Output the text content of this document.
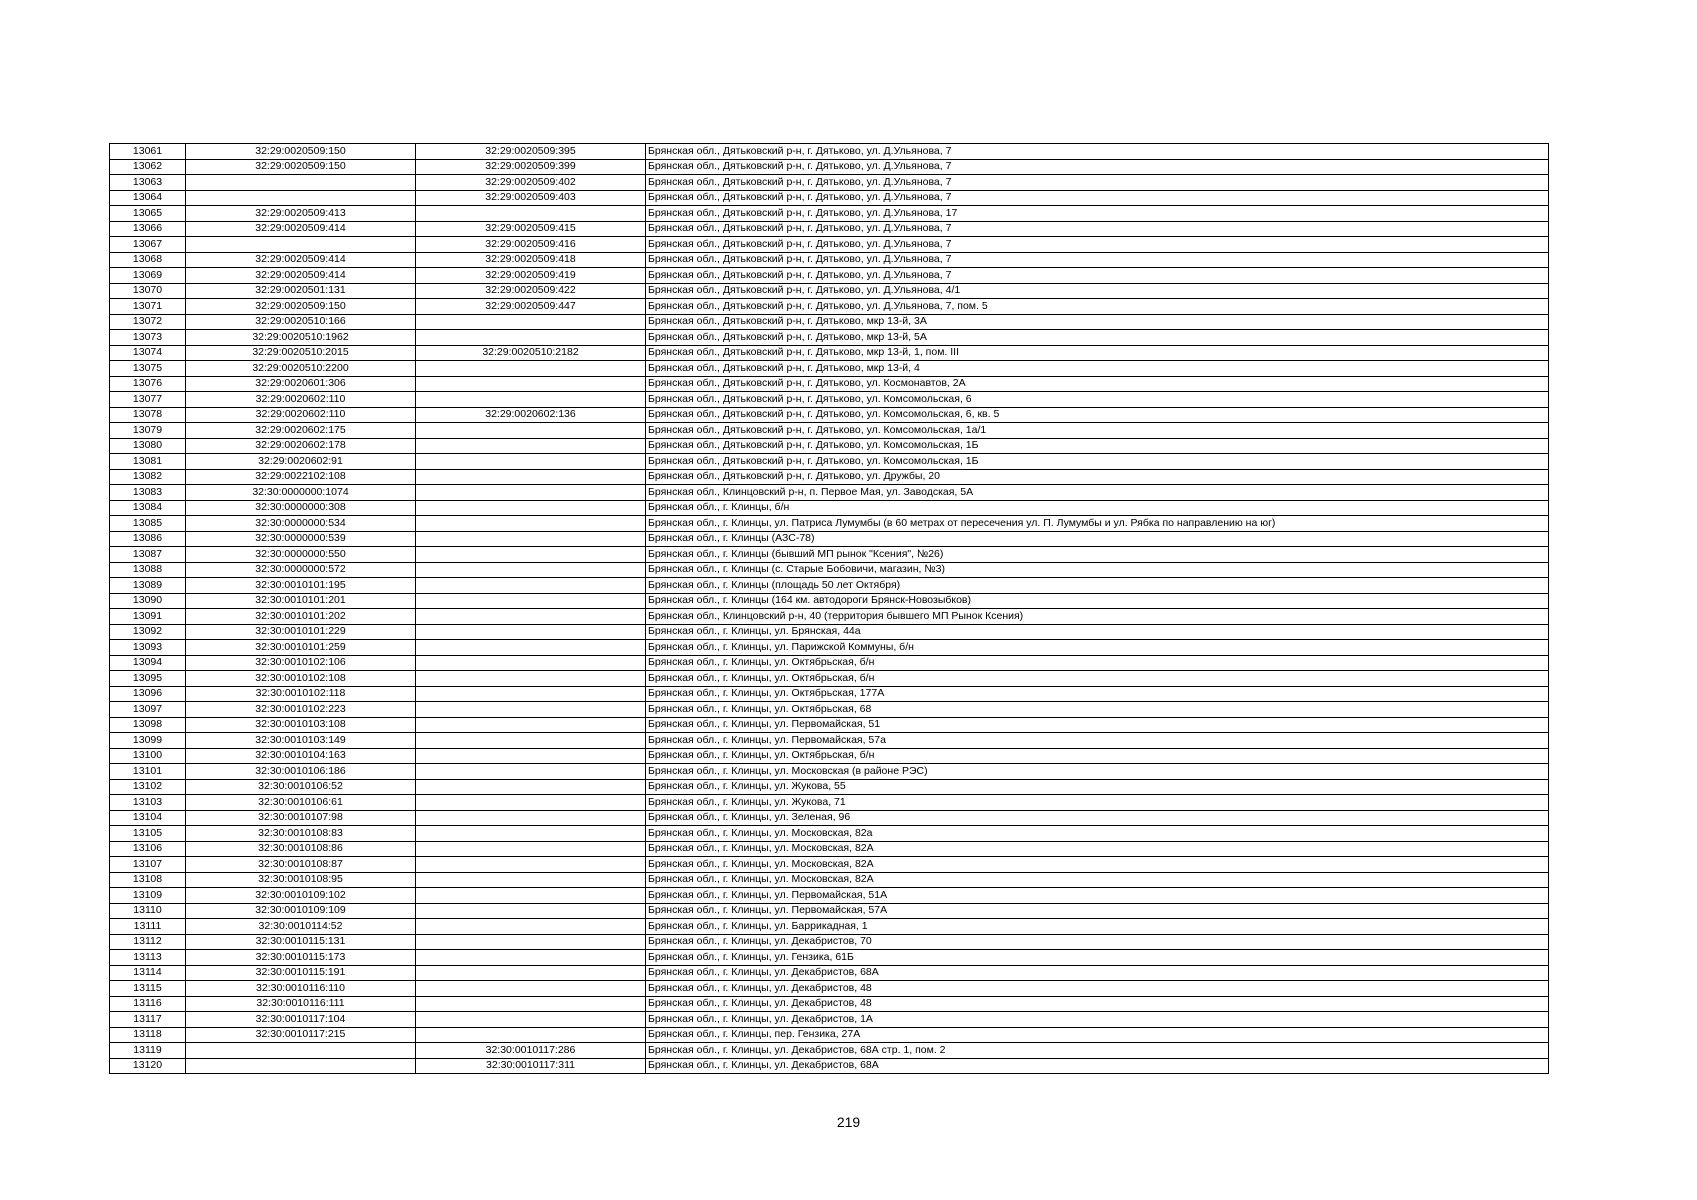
13061	32:29:0020509:150	32:29:0020509:395	Брянская обл., Дятьковский р-н, г. Дятьково, ул. Д.Ульянова, 7
13062	32:29:0020509:150	32:29:0020509:399	Брянская обл., Дятьковский р-н, г. Дятьково, ул. Д.Ульянова, 7
13063		32:29:0020509:402	Брянская обл., Дятьковский р-н, г. Дятьково, ул. Д.Ульянова, 7
13064		32:29:0020509:403	Брянская обл., Дятьковский р-н, г. Дятьково, ул. Д.Ульянова, 7
13065	32:29:0020509:413		Брянская обл., Дятьковский р-н, г. Дятьково, ул. Д.Ульянова, 17
13066	32:29:0020509:414	32:29:0020509:415	Брянская обл., Дятьковский р-н, г. Дятьково, ул. Д.Ульянова, 7
13067		32:29:0020509:416	Брянская обл., Дятьковский р-н, г. Дятьково, ул. Д.Ульянова, 7
13068	32:29:0020509:414	32:29:0020509:418	Брянская обл., Дятьковский р-н, г. Дятьково, ул. Д.Ульянова, 7
13069	32:29:0020509:414	32:29:0020509:419	Брянская обл., Дятьковский р-н, г. Дятьково, ул. Д.Ульянова, 7
13070	32:29:0020501:131	32:29:0020509:422	Брянская обл., Дятьковский р-н, г. Дятьково, ул. Д.Ульянова, 4/1
13071	32:29:0020509:150	32:29:0020509:447	Брянская обл., Дятьковский р-н, г. Дятьково, ул. Д.Ульянова, 7, пом. 5
13072	32:29:0020510:166		Брянская обл., Дятьковский р-н, г. Дятьково, мкр 13-й, 3А
13073	32:29:0020510:1962		Брянская обл., Дятьковский р-н, г. Дятьково, мкр 13-й, 5А
13074	32:29:0020510:2015	32:29:0020510:2182	Брянская обл., Дятьковский р-н, г. Дятьково, мкр 13-й, 1, пом. III
13075	32:29:0020510:2200		Брянская обл., Дятьковский р-н, г. Дятьково, мкр 13-й, 4
13076	32:29:0020601:306		Брянская обл., Дятьковский р-н, г. Дятьково, ул. Космонавтов, 2А
13077	32:29:0020602:110		Брянская обл., Дятьковский р-н, г. Дятьково, ул. Комсомольская, 6
13078	32:29:0020602:110	32:29:0020602:136	Брянская обл., Дятьковский р-н, г. Дятьково, ул. Комсомольская, 6, кв. 5
13079	32:29:0020602:175		Брянская обл., Дятьковский р-н, г. Дятьково, ул. Комсомольская, 1а/1
13080	32:29:0020602:178		Брянская обл., Дятьковский р-н, г. Дятьково, ул. Комсомольская, 1Б
13081	32:29:0020602:91		Брянская обл., Дятьковский р-н, г. Дятьково, ул. Комсомольская, 1Б
13082	32:29:0022102:108		Брянская обл., Дятьковский р-н, г. Дятьково, ул. Дружбы, 20
13083	32:30:0000000:1074		Брянская обл., Клинцовский р-н, п. Первое Мая, ул. Заводская, 5А
13084	32:30:0000000:308		Брянская обл., г. Клинцы, б/н
13085	32:30:0000000:534		Брянская обл., г. Клинцы, ул. Патриса Лумумбы (в 60 метрах от пересечения ул. П. Лумумбы и ул. Рябка по направлению на юг)
13086	32:30:0000000:539		Брянская обл., г. Клинцы (АЗС-78)
13087	32:30:0000000:550		Брянская обл., г. Клинцы (бывший МП рынок "Ксения", №26)
13088	32:30:0000000:572		Брянская обл., г. Клинцы (с. Старые Бобовичи, магазин, №3)
13089	32:30:0010101:195		Брянская обл., г. Клинцы (площадь 50 лет Октября)
13090	32:30:0010101:201		Брянская обл., г. Клинцы (164 км. автодороги Брянск-Новозыбков)
13091	32:30:0010101:202		Брянская обл., Клинцовский р-н, 40 (территория бывшего МП Рынок Ксения)
13092	32:30:0010101:229		Брянская обл., г. Клинцы, ул. Брянская, 44а
13093	32:30:0010101:259		Брянская обл., г. Клинцы, ул. Парижской Коммуны, б/н
13094	32:30:0010102:106		Брянская обл., г. Клинцы, ул. Октябрьская, б/н
13095	32:30:0010102:108		Брянская обл., г. Клинцы, ул. Октябрьская, б/н
13096	32:30:0010102:118		Брянская обл., г. Клинцы, ул. Октябрьская, 177А
13097	32:30:0010102:223		Брянская обл., г. Клинцы, ул. Октябрьская, 68
13098	32:30:0010103:108		Брянская обл., г. Клинцы, ул. Первомайская, 51
13099	32:30:0010103:149		Брянская обл., г. Клинцы, ул. Первомайская, 57а
13100	32:30:0010104:163		Брянская обл., г. Клинцы, ул. Октябрьская, б/н
13101	32:30:0010106:186		Брянская обл., г. Клинцы, ул. Московская (в районе РЭС)
13102	32:30:0010106:52		Брянская обл., г. Клинцы, ул. Жукова, 55
13103	32:30:0010106:61		Брянская обл., г. Клинцы, ул. Жукова, 71
13104	32:30:0010107:98		Брянская обл., г. Клинцы, ул. Зеленая, 96
13105	32:30:0010108:83		Брянская обл., г. Клинцы, ул. Московская, 82а
13106	32:30:0010108:86		Брянская обл., г. Клинцы, ул. Московская, 82А
13107	32:30:0010108:87		Брянская обл., г. Клинцы, ул. Московская, 82А
13108	32:30:0010108:95		Брянская обл., г. Клинцы, ул. Московская, 82А
13109	32:30:0010109:102		Брянская обл., г. Клинцы, ул. Первомайская, 51А
13110	32:30:0010109:109		Брянская обл., г. Клинцы, ул. Первомайская, 57А
13111	32:30:0010114:52		Брянская обл., г. Клинцы, ул. Баррикадная, 1
13112	32:30:0010115:131		Брянская обл., г. Клинцы, ул. Декабристов, 70
13113	32:30:0010115:173		Брянская обл., г. Клинцы, ул. Гензика, 61Б
13114	32:30:0010115:191		Брянская обл., г. Клинцы, ул. Декабристов, 68А
13115	32:30:0010116:110		Брянская обл., г. Клинцы, ул. Декабристов, 48
13116	32:30:0010116:111		Брянская обл., г. Клинцы, ул. Декабристов, 48
13117	32:30:0010117:104		Брянская обл., г. Клинцы, ул. Декабристов, 1А
13118	32:30:0010117:215		Брянская обл., г. Клинцы, пер. Гензика, 27А
13119		32:30:0010117:286	Брянская обл., г. Клинцы, ул. Декабристов, 68А стр. 1, пом. 2
13120		32:30:0010117:311	Брянская обл., г. Клинцы, ул. Декабристов, 68А
219
